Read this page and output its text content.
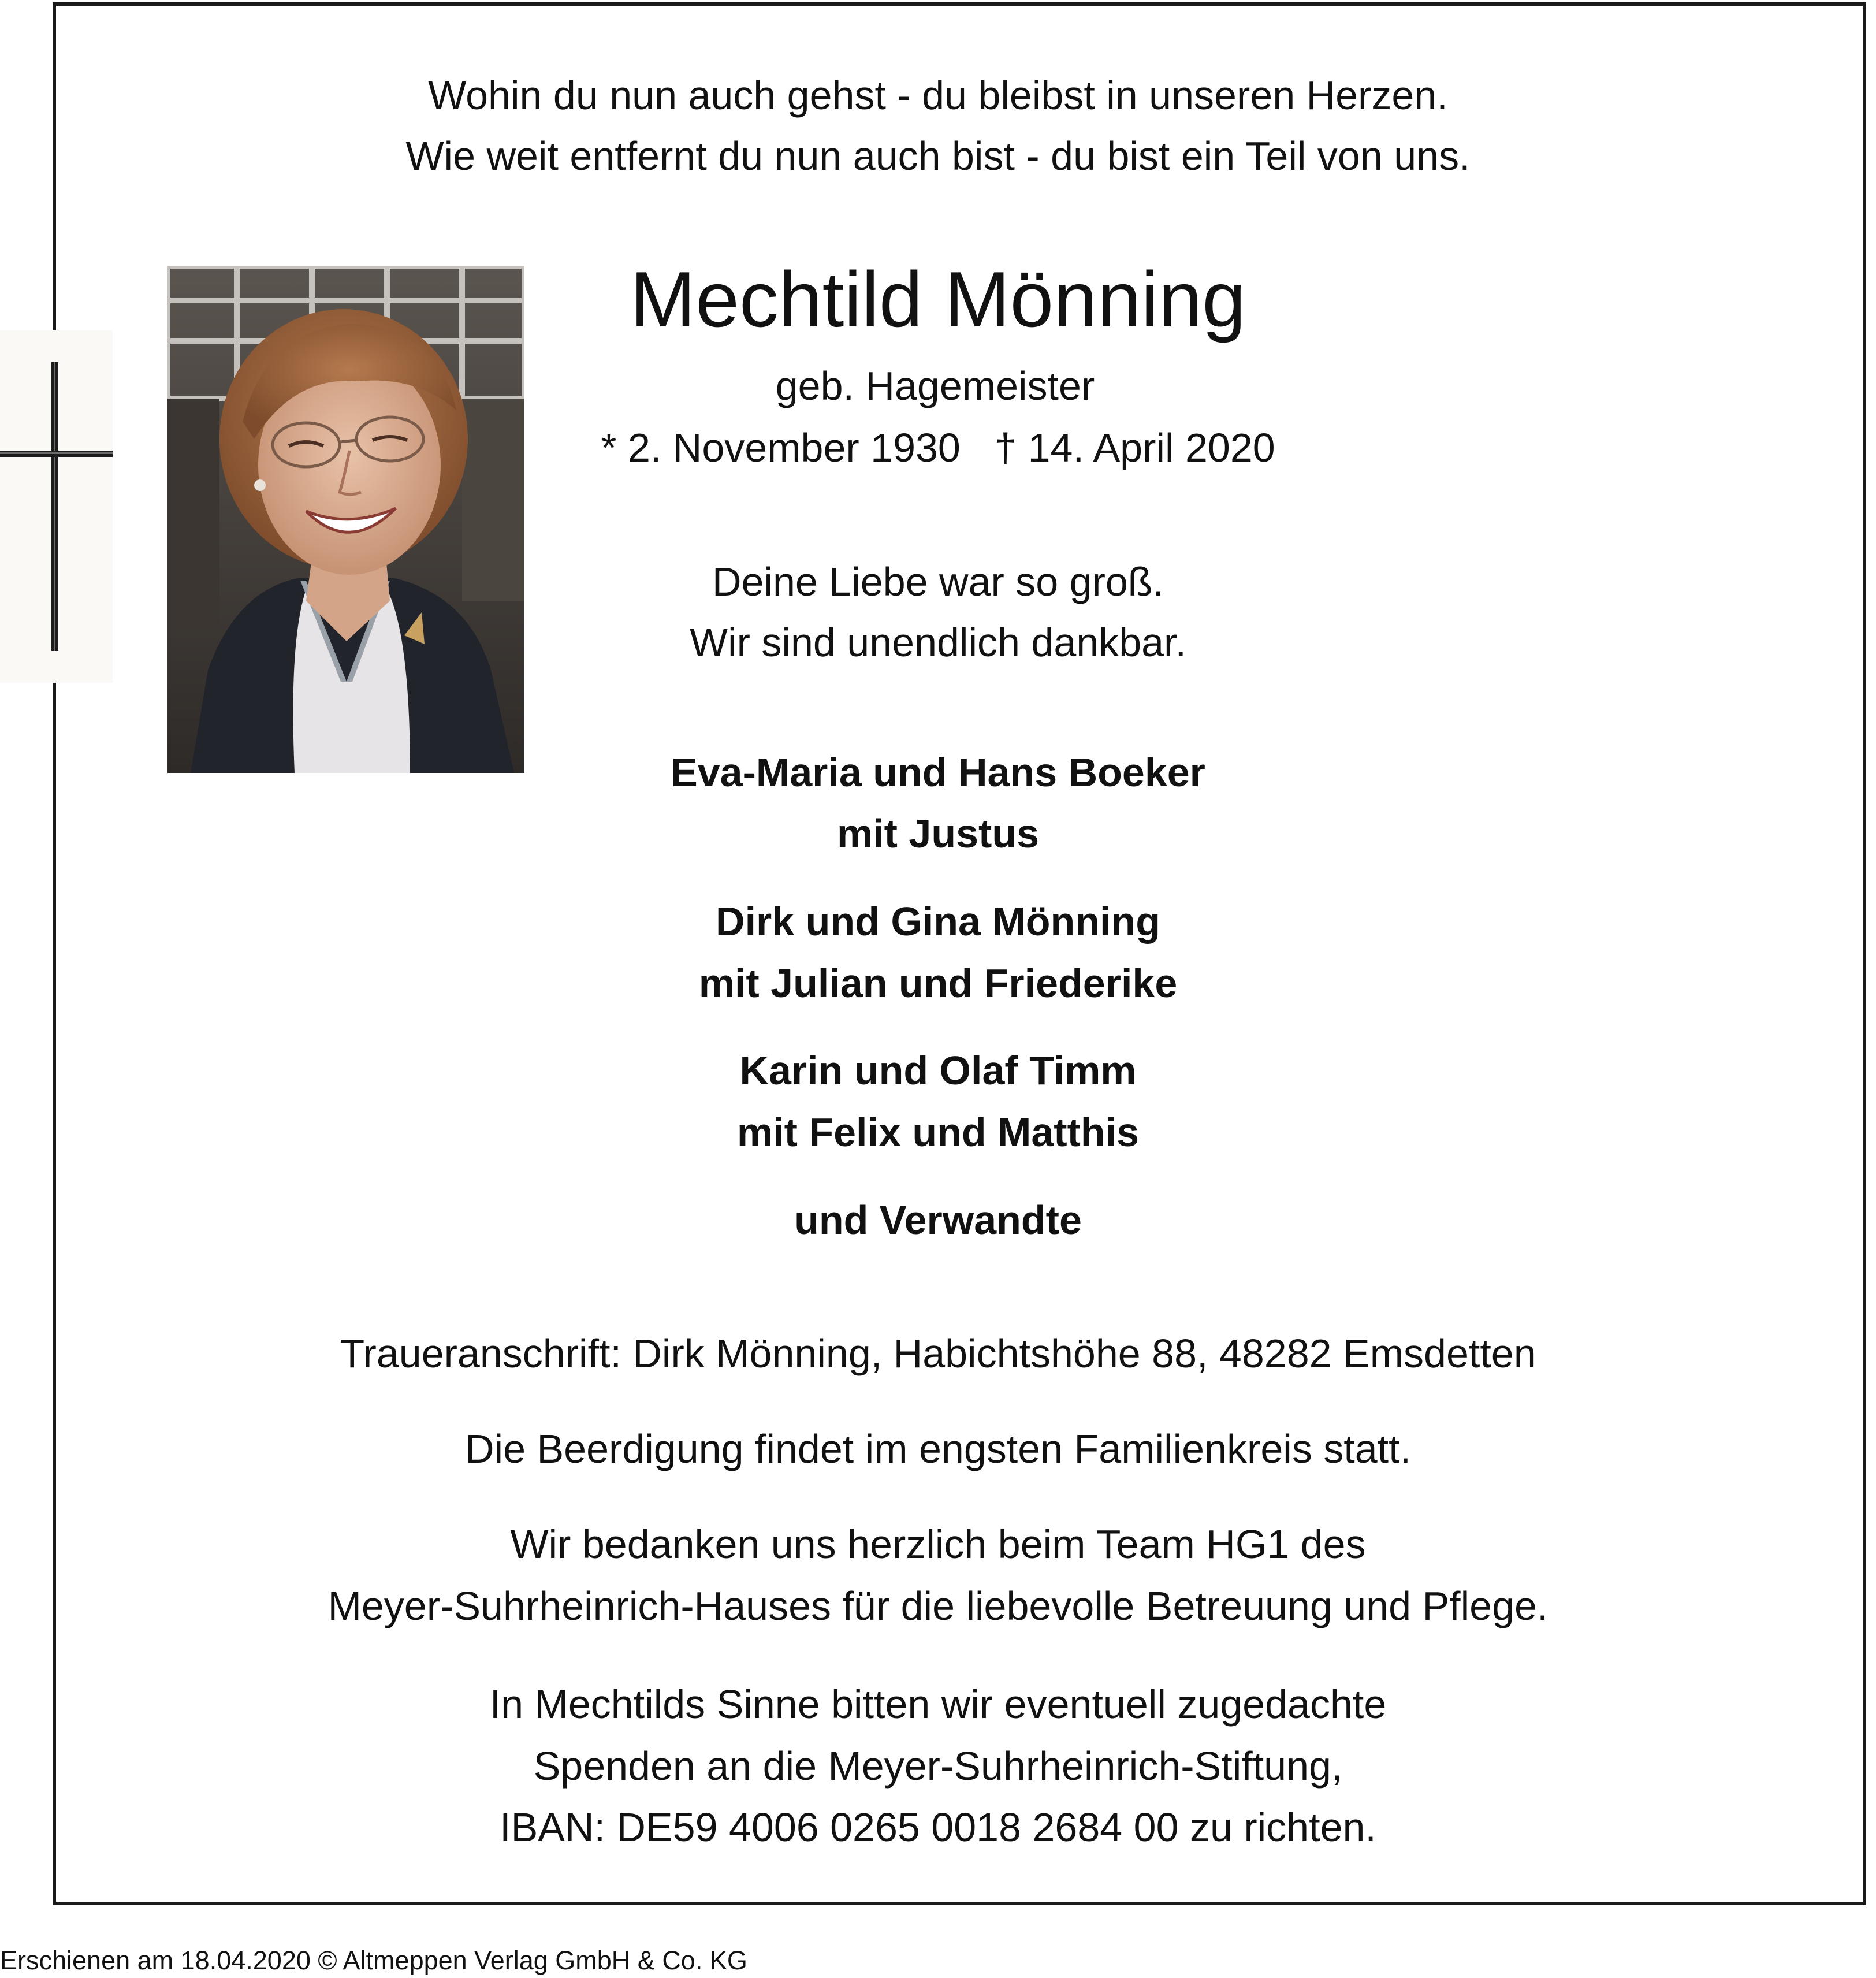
Wohin du nun auch gehst - du bleibst in unseren Herzen.
Wie weit entfernt du nun auch bist - du bist ein Teil von uns.
Mechtild Mönning
geb. Hagemeister
* 2. November 1930   † 14. April 2020
Deine Liebe war so groß.
Wir sind unendlich dankbar.
Eva-Maria und Hans Boeker
mit Justus
Dirk und Gina Mönning
mit Julian und Friederike
Karin und Olaf Timm
mit Felix und Matthis
und Verwandte
Traueranschrift: Dirk Mönning, Habichtshöhe 88, 48282 Emsdetten
Die Beerdigung findet im engsten Familienkreis statt.
Wir bedanken uns herzlich beim Team HG1 des
Meyer-Suhrheinrich-Hauses für die liebevolle Betreuung und Pflege.
In Mechtilds Sinne bitten wir eventuell zugedachte
Spenden an die Meyer-Suhrheinrich-Stiftung,
IBAN: DE59 4006 0265 0018 2684 00 zu richten.
Erschienen am 18.04.2020 © Altmeppen Verlag GmbH & Co. KG
